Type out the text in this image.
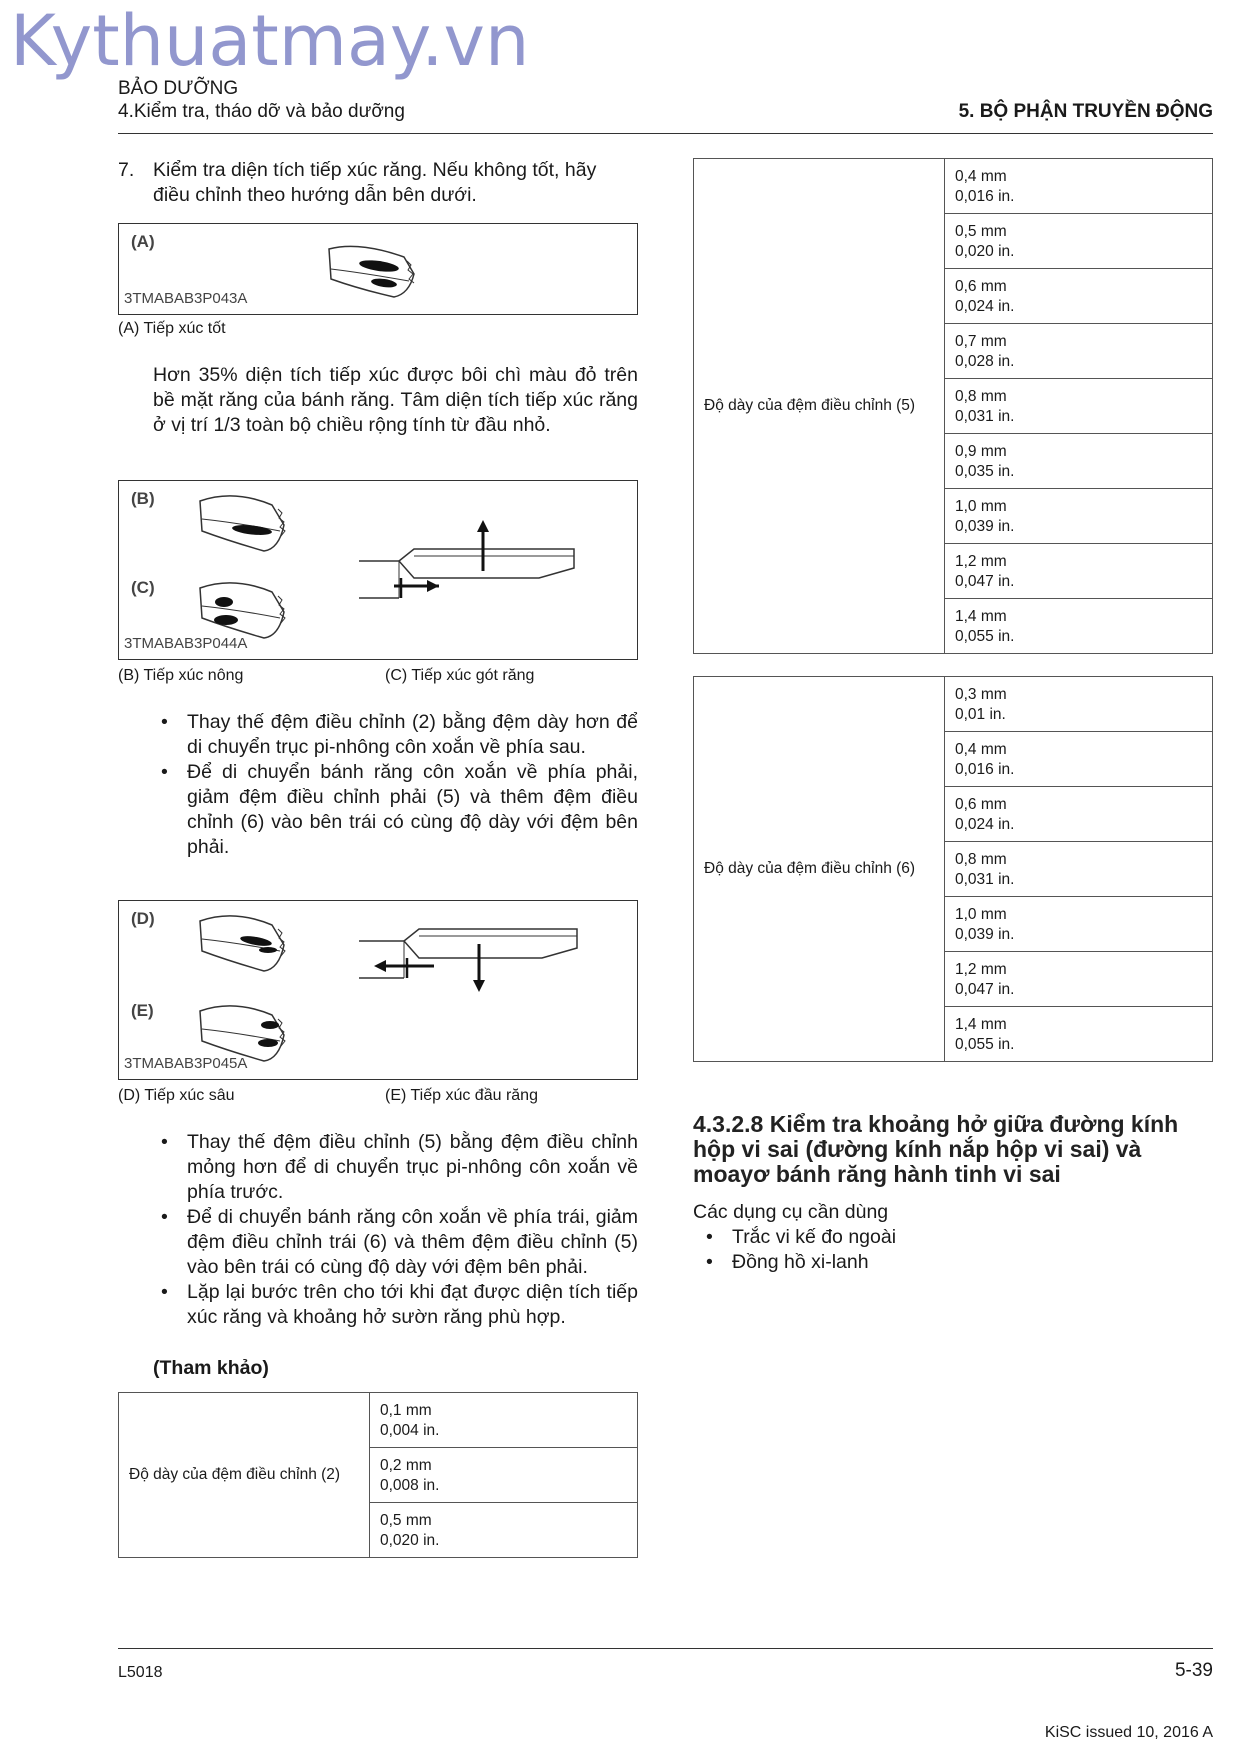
Kythuatmay.vn
BẢO DƯỠNG
4.Kiểm tra, tháo dỡ và bảo dưỡng	5. BỘ PHẬN TRUYỀN ĐỘNG
7. Kiểm tra diện tích tiếp xúc răng. Nếu không tốt, hãy điều chỉnh theo hướng dẫn bên dưới.
(A)
3TMABAB3P043A
(A) Tiếp xúc tốt
Hơn 35% diện tích tiếp xúc được bôi chì màu đỏ trên bề mặt răng của bánh răng. Tâm diện tích tiếp xúc răng ở vị trí 1/3 toàn bộ chiều rộng tính từ đầu nhỏ.
(B)
(C)
3TMABAB3P044A
(B) Tiếp xúc nông	(C) Tiếp xúc gót răng
• Thay thế đệm điều chỉnh (2) bằng đệm dày hơn để di chuyển trục pi-nhông côn xoắn về phía sau.
• Để di chuyển bánh răng côn xoắn về phía phải, giảm đệm điều chỉnh phải (5) và thêm đệm điều chỉnh (6) vào bên trái có cùng độ dày với đệm bên phải.
(D)
(E)
3TMABAB3P045A
(D) Tiếp xúc sâu	(E) Tiếp xúc đầu răng
• Thay thế đệm điều chỉnh (5) bằng đệm điều chỉnh mỏng hơn để di chuyển trục pi-nhông côn xoắn về phía trước.
• Để di chuyển bánh răng côn xoắn về phía trái, giảm đệm điều chỉnh trái (6) và thêm đệm điều chỉnh (5) vào bên trái có cùng độ dày với đệm bên phải.
• Lặp lại bước trên cho tới khi đạt được diện tích tiếp xúc răng và khoảng hở sườn răng phù hợp.
(Tham khảo)
Độ dày của đệm điều chỉnh (2)	
0,1 mm
0,004 in.

0,2 mm
0,008 in.

0,5 mm
0,020 in.
Độ dày của đệm điều chỉnh (5)	
0,4 mm
0,016 in.

0,5 mm
0,020 in.

0,6 mm
0,024 in.

0,7 mm
0,028 in.

0,8 mm
0,031 in.

0,9 mm
0,035 in.

1,0 mm
0,039 in.

1,2 mm
0,047 in.

1,4 mm
0,055 in.
Độ dày của đệm điều chỉnh (6)	
0,3 mm
0,01 in.

0,4 mm
0,016 in.

0,6 mm
0,024 in.

0,8 mm
0,031 in.

1,0 mm
0,039 in.

1,2 mm
0,047 in.

1,4 mm
0,055 in.
4.3.2.8 Kiểm tra khoảng hở giữa đường kính hộp vi sai (đường kính nắp hộp vi sai) và moayơ bánh răng hành tinh vi sai
Các dụng cụ cần dùng
• Trắc vi kế đo ngoài
• Đồng hồ xi-lanh
L5018	5-39
KiSC issued 10, 2016 A
